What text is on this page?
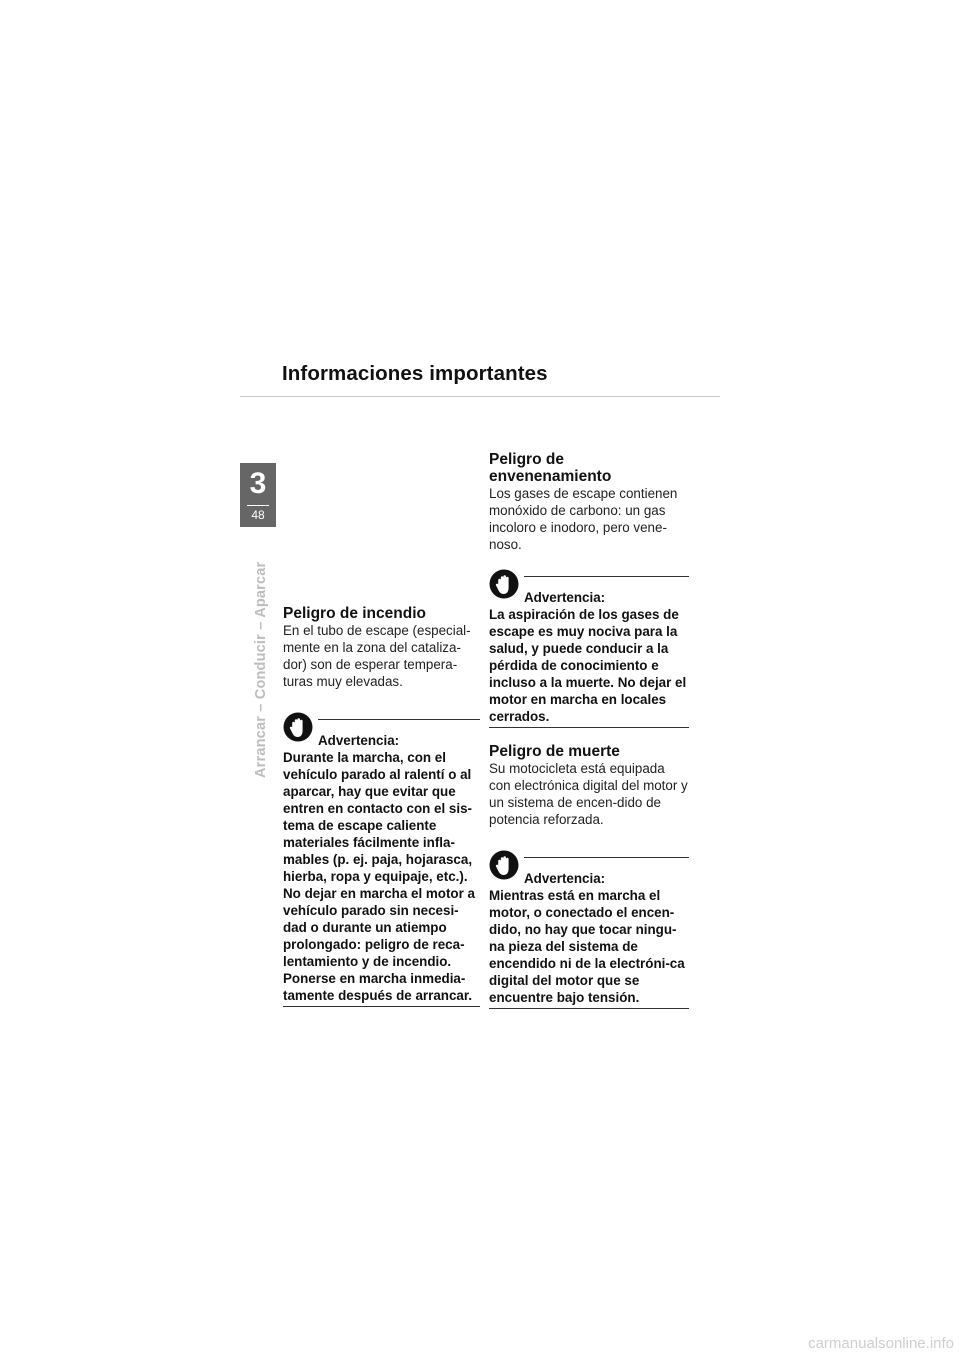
Informaciones importantes
3
48
Arrancar – Conducir – Aparcar Peligro de incendio

En el tubo de escape (especial-mente en la zona del cataliza-dor) son de esperar tempera-turas muy elevadas.

Advertencia:

Durante la marcha, con el vehículo parado al ralentí o al aparcar, hay que evitar que entren en contacto con el sis-tema de escape caliente materiales fácilmente infla-mables (p. ej. paja, hojarasca, hierba, ropa y equipaje, etc.). No dejar en marcha el motor a vehículo parado sin necesi-dad o durante un atiempo prolongado: peligro de reca-lentamiento y de incendio. Ponerse en marcha inmedia-tamente después de arrancar.

Peligro de envenenamiento

Los gases de escape contienen monóxido de carbono: un gas incoloro e inodoro, pero vene-noso.

Advertencia:

La aspiración de los gases de escape es muy nociva para la salud, y puede conducir a la pérdida de conocimiento e incluso a la muerte. No dejar el motor en marcha en locales cerrados.

Peligro de muerte

Su motocicleta está equipada con electrónica digital del motor y un sistema de encen-dido de potencia reforzada.

Advertencia:

Mientras está en marcha el motor, o conectado el encen-dido, no hay que tocar ningu-na pieza del sistema de encendido ni de la electróni-ca digital del motor que se encuentre bajo tensión.

carmanualsonline.info
